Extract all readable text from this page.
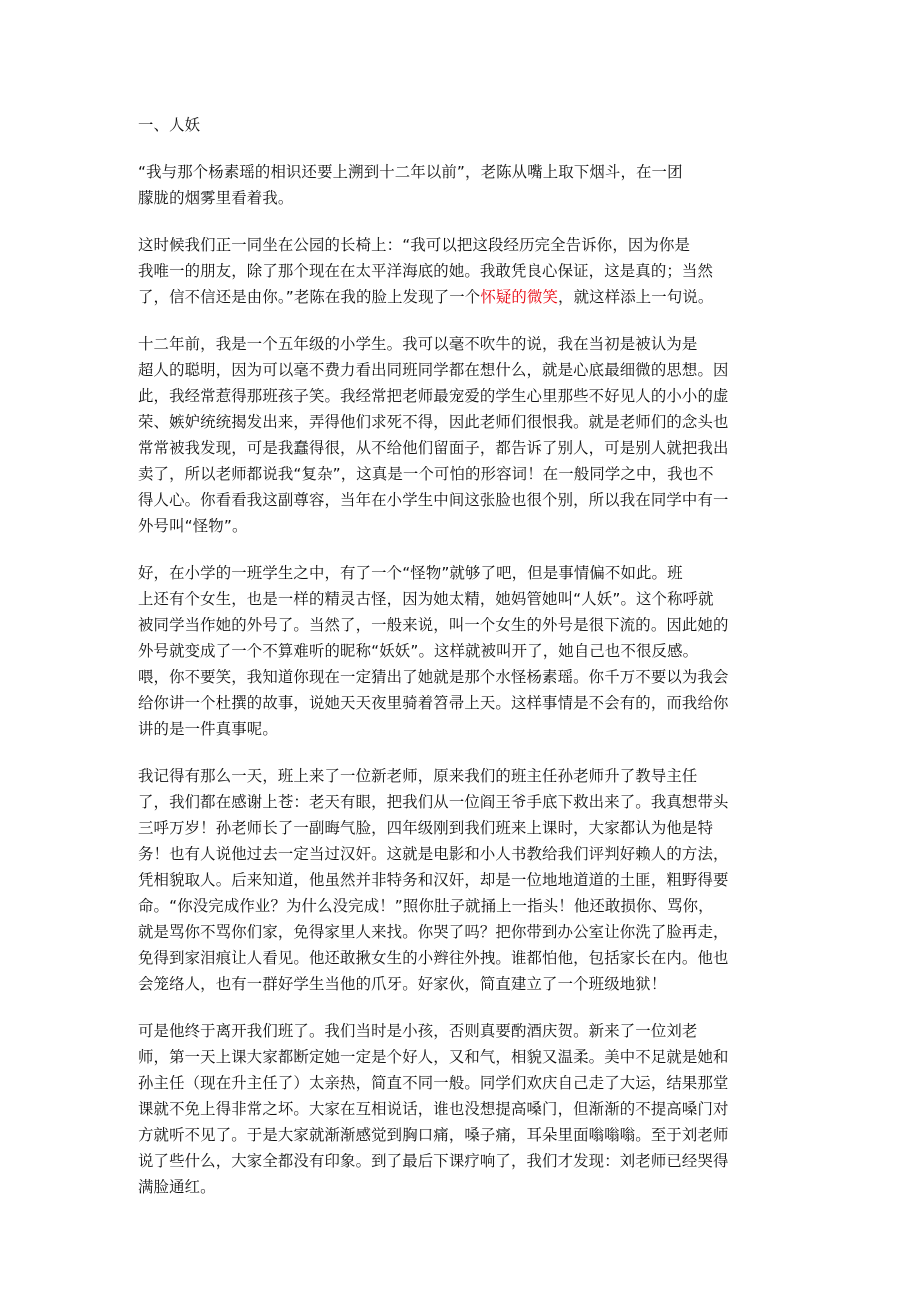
一、人妖
“我与那个杨素瑶的相识还要上溯到十二年以前”，老陈从嘴上取下烟斗，在一团
朦胧的烟雾里看着我。
这时候我们正一同坐在公园的长椅上：“我可以把这段经历完全告诉你，因为你是
我唯一的朋友，除了那个现在在太平洋海底的她。我敢凭良心保证，这是真的；当然
了，信不信还是由你。”老陈在我的脸上发现了一个怀疑的微笑，就这样添上一句说。
十二年前，我是一个五年级的小学生。我可以毫不吹牛的说，我在当初是被认为是
超人的聪明，因为可以毫不费力看出同班同学都在想什么，就是心底最细微的思想。因
此，我经常惹得那班孩子笑。我经常把老师最宠爱的学生心里那些不好见人的小小的虚
荣、嫉妒统统揭发出来，弄得他们求死不得，因此老师们很恨我。就是老师们的念头也
常常被我发现，可是我蠢得很，从不给他们留面子，都告诉了别人，可是别人就把我出
卖了，所以老师都说我“复杂”，这真是一个可怕的形容词！在一般同学之中，我也不
得人心。你看看我这副尊容，当年在小学生中间这张脸也很个别，所以我在同学中有一
外号叫“怪物”。
好，在小学的一班学生之中，有了一个“怪物”就够了吧，但是事情偏不如此。班
上还有个女生，也是一样的精灵古怪，因为她太精，她妈管她叫“人妖”。这个称呼就
被同学当作她的外号了。当然了，一般来说，叫一个女生的外号是很下流的。因此她的
外号就变成了一个不算难听的昵称“妖妖”。这样就被叫开了，她自己也不很反感。
喂，你不要笑，我知道你现在一定猜出了她就是那个水怪杨素瑶。你千万不要以为我会
给你讲一个杜撰的故事，说她天天夜里骑着笤帚上天。这样事情是不会有的，而我给你
讲的是一件真事呢。
我记得有那么一天，班上来了一位新老师，原来我们的班主任孙老师升了教导主任
了，我们都在感谢上苍：老天有眼，把我们从一位阎王爷手底下救出来了。我真想带头
三呼万岁！孙老师长了一副晦气脸，四年级刚到我们班来上课时，大家都认为他是特
务！也有人说他过去一定当过汉奸。这就是电影和小人书教给我们评判好赖人的方法，
凭相貌取人。后来知道，他虽然并非特务和汉奸，却是一位地地道道的土匪，粗野得要
命。“你没完成作业？为什么没完成！”照你肚子就捅上一指头！他还敢损你、骂你，
就是骂你不骂你们家，免得家里人来找。你哭了吗？把你带到办公室让你洗了脸再走，
免得到家泪痕让人看见。他还敢揪女生的小辫往外拽。谁都怕他，包括家长在内。他也
会笼络人，也有一群好学生当他的爪牙。好家伙，简直建立了一个班级地狱！
可是他终于离开我们班了。我们当时是小孩，否则真要酌酒庆贺。新来了一位刘老
师，第一天上课大家都断定她一定是个好人，又和气，相貌又温柔。美中不足就是她和
孙主任（现在升主任了）太亲热，简直不同一般。同学们欢庆自己走了大运，结果那堂
课就不免上得非常之坏。大家在互相说话，谁也没想提高嗓门，但渐渐的不提高嗓门对
方就听不见了。于是大家就渐渐感觉到胸口痛，嗓子痛，耳朵里面嗡嗡嗡。至于刘老师
说了些什么，大家全都没有印象。到了最后下课疗响了，我们才发现：刘老师已经哭得
满脸通红。
